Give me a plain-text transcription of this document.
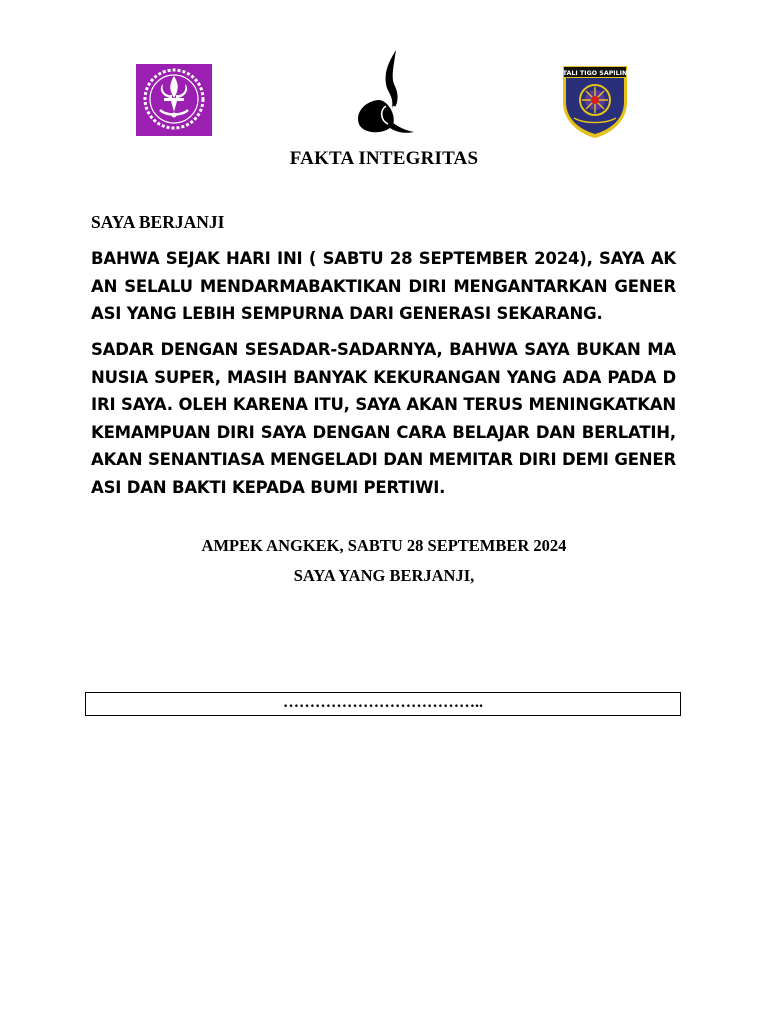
TALI TIGO SAPILIN
FAKTA INTEGRITAS
SAYA BERJANJI
BAHWA SEJAK HARI INI ( SABTU 28 SEPTEMBER 2024), SAYA AKAN SELALU MENDARMABAKTIKAN DIRI MENGANTARKAN GENERASI YANG LEBIH SEMPURNA DARI GENERASI SEKARANG.
SADAR DENGAN SESADAR-SADARNYA, BAHWA SAYA BUKAN MANUSIA SUPER, MASIH BANYAK KEKURANGAN YANG ADA PADA DIRI SAYA. OLEH KARENA ITU, SAYA AKAN TERUS MENINGKATKAN KEMAMPUAN DIRI SAYA DENGAN CARA BELAJAR DAN BERLATIH, AKAN SENANTIASA MENGELADI DAN MEMITAR DIRI DEMI GENERASI DAN BAKTI KEPADA BUMI PERTIWI.
AMPEK ANGKEK, SABTU 28 SEPTEMBER 2024
SAYA YANG BERJANJI,
………………………………..
